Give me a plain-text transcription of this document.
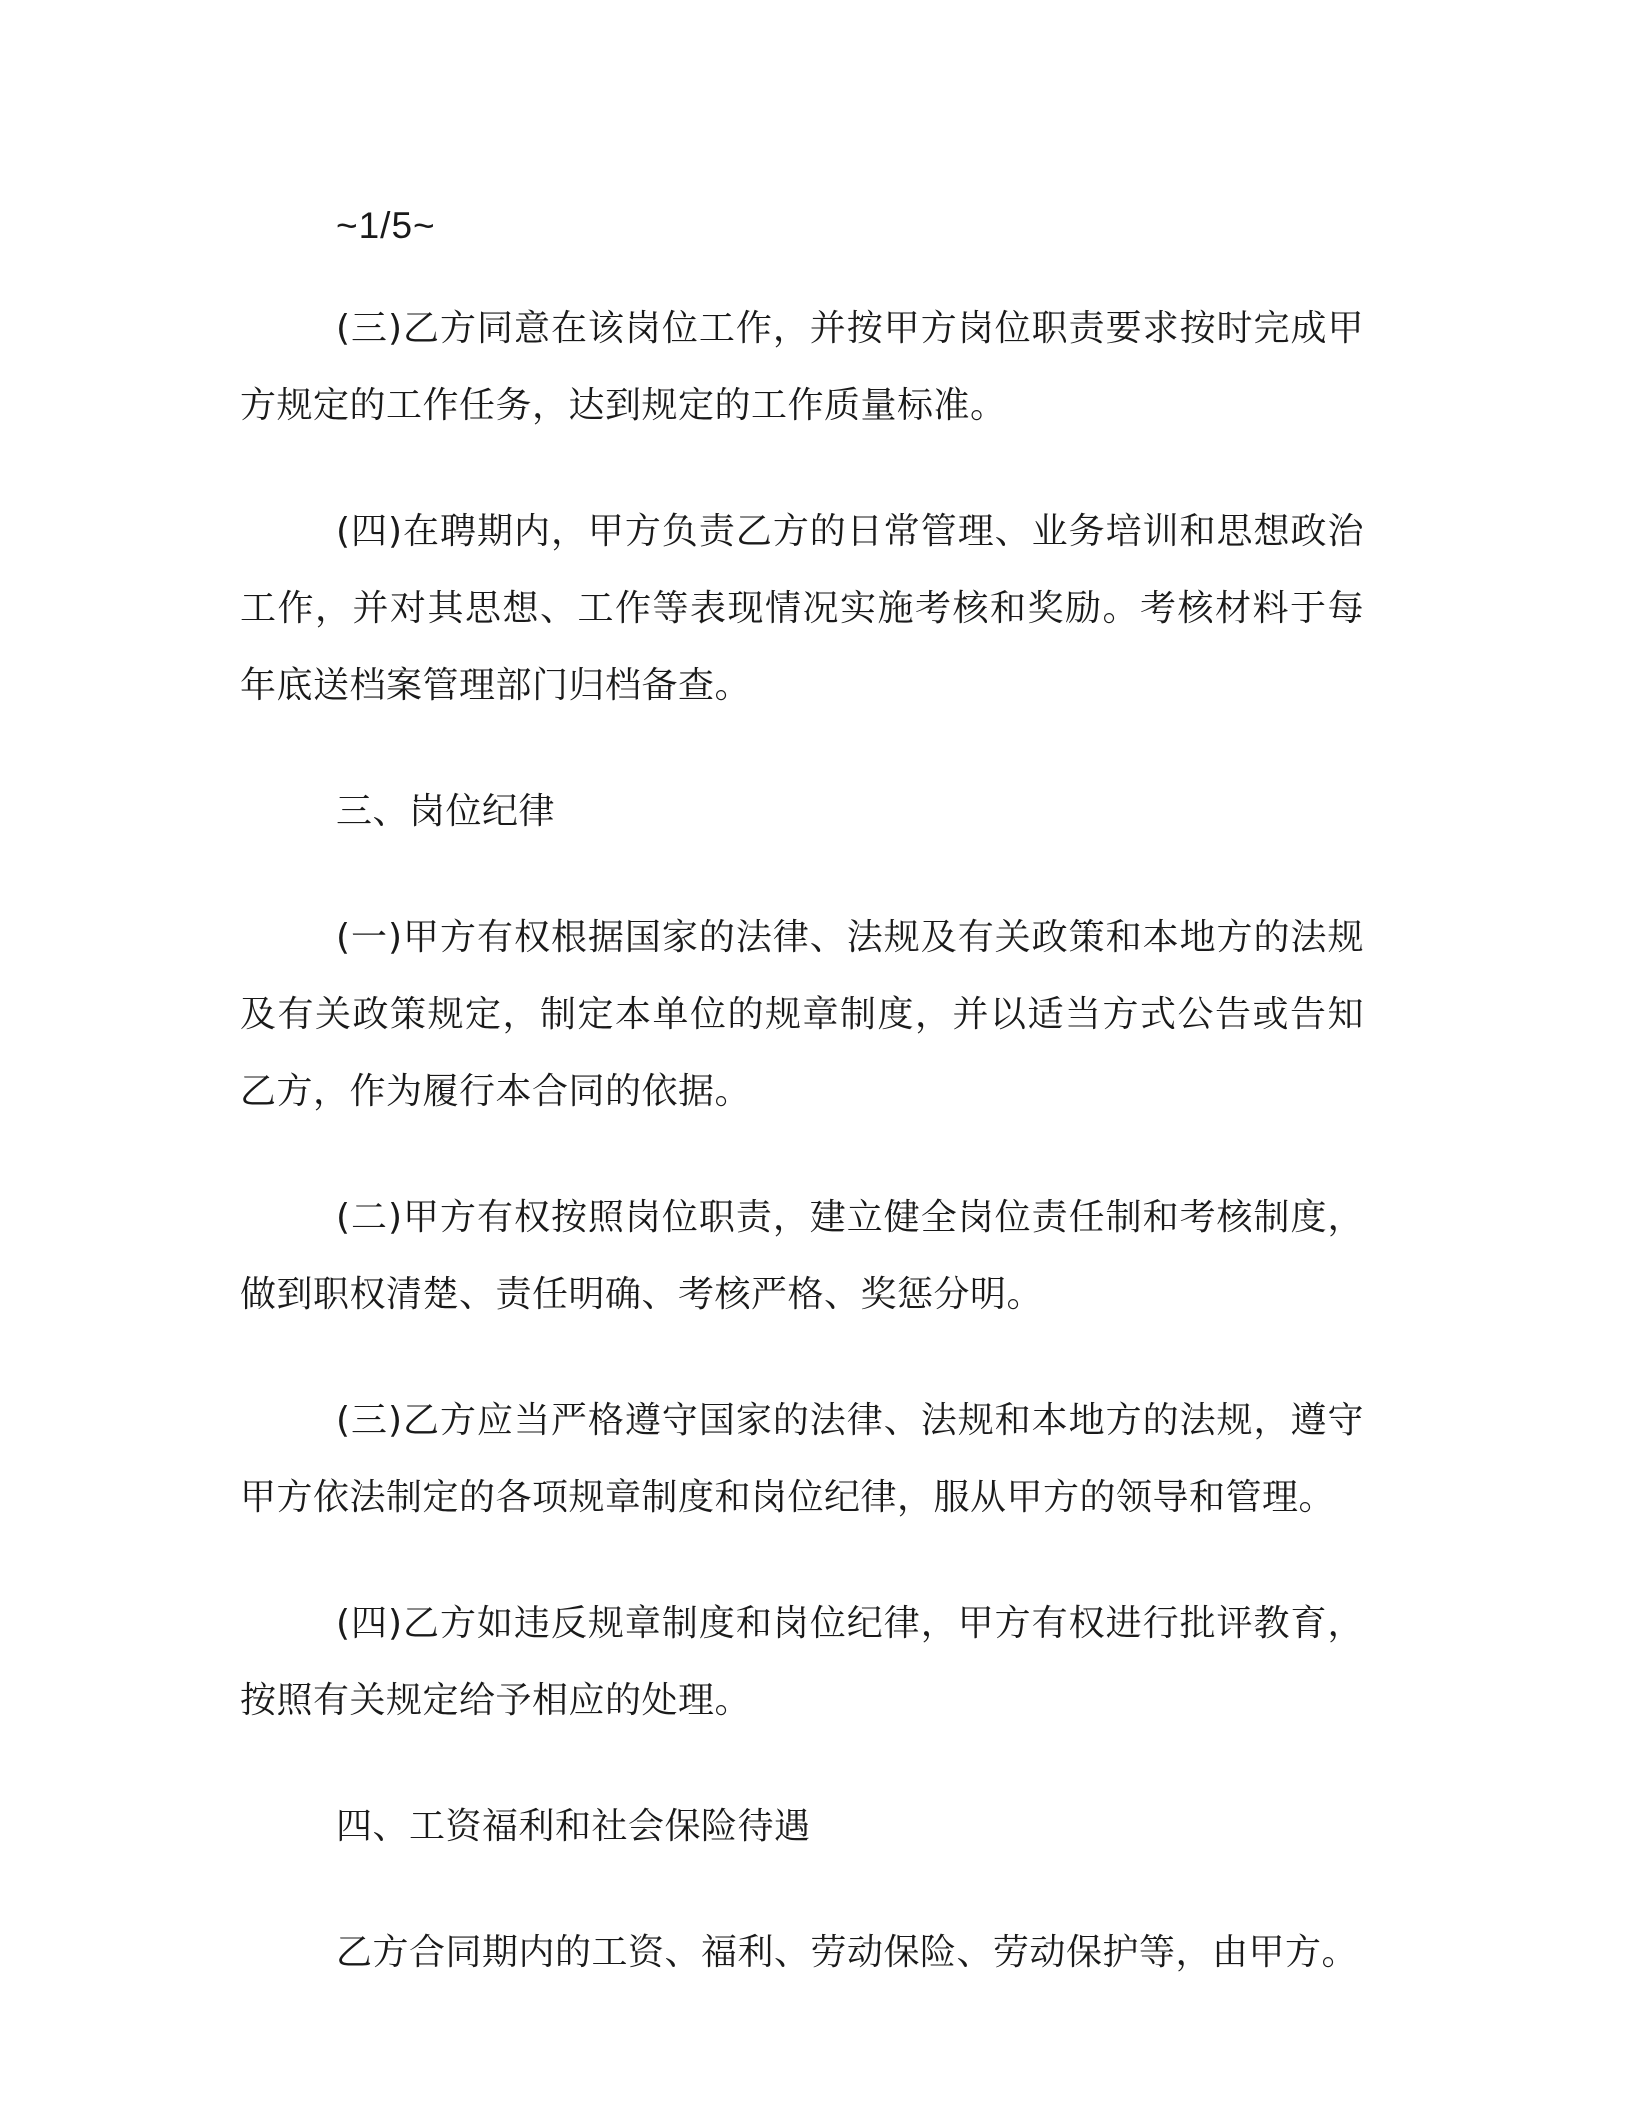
~1/5~

(三)乙方同意在该岗位工作，并按甲方岗位职责要求按时完成甲方规定的工作任务，达到规定的工作质量标准。

(四)在聘期内，甲方负责乙方的日常管理、业务培训和思想政治工作，并对其思想、工作等表现情况实施考核和奖励。考核材料于每年底送档案管理部门归档备查。

三、岗位纪律

(一)甲方有权根据国家的法律、法规及有关政策和本地方的法规及有关政策规定，制定本单位的规章制度，并以适当方式公告或告知乙方，作为履行本合同的依据。

(二)甲方有权按照岗位职责，建立健全岗位责任制和考核制度，做到职权清楚、责任明确、考核严格、奖惩分明。

(三)乙方应当严格遵守国家的法律、法规和本地方的法规，遵守甲方依法制定的各项规章制度和岗位纪律，服从甲方的领导和管理。

(四)乙方如违反规章制度和岗位纪律，甲方有权进行批评教育，按照有关规定给予相应的处理。

四、工资福利和社会保险待遇

乙方合同期内的工资、福利、劳动保险、劳动保护等，由甲方。
